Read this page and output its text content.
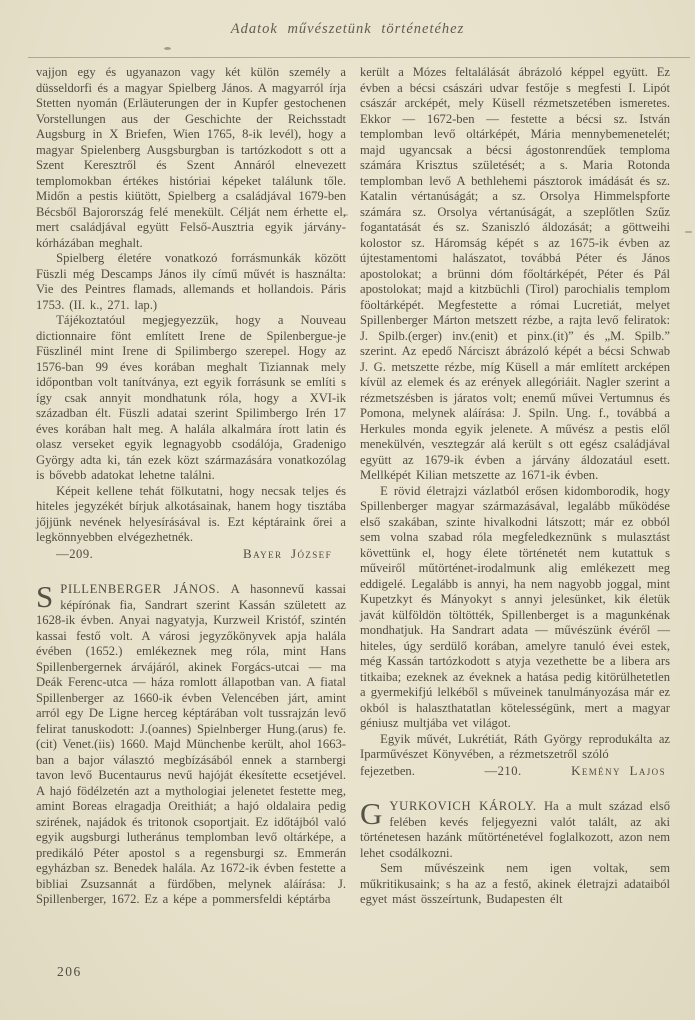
Adatok művészetünk történetéhez

vajjon egy és ugyanazon vagy két külön személy a düsseldorfi és a magyar Spielberg János. A magyarról írja Stetten nyomán (Erläuterungen der in Kupfer gestochenen Vorstellungen aus der Geschichte der Reichsstadt Augsburg in X Briefen, Wien 1765, 8-ik levél), hogy a magyar Spielenberg Ausgsburgban is tartózkodott s ott a Szent Keresztről és Szent Annáról elnevezett templomokban értékes históriai képeket találunk tőle. Midőn a pestis kiütött, Spielberg a családjával 1679-ben Bécsből Bajorország felé menekült. Célját nem érhette el, mert családjával együtt Felső-Ausztria egyik járvány-kórházában meghalt.

Spielberg életére vonatkozó forrásmunkák között Füszli még Descamps János ily című művét is használta: Vie des Peintres flamads, allemands et hollandois. Páris 1753. (II. k., 271. lap.)

Tájékoztatóul megjegyezzük, hogy a Nouveau dictionnaire fönt említett Irene de Spilenbergue-je Füszlinél mint Irene di Spilimbergo szerepel. Hogy az 1576-ban 99 éves korában meghalt Tiziannak mely időpontban volt tanítványa, ezt egyik forrásunk se említi s így csak annyit mondhatunk róla, hogy a XVI-ik században élt. Füszli adatai szerint Spilimbergo Irén 17 éves korában halt meg. A halála alkalmára írott latin és olasz verseket egyik legnagyobb csodálója, Gradenigo György adta ki, tán ezek közt származására vonatkozólag is bővebb adatokat lehetne találni.

Képeit kellene tehát fölkutatni, hogy necsak teljes és hiteles jegyzékét bírjuk alkotásainak, hanem hogy tisztába jőjjünk nevének helyesírásával is. Ezt képtáraink őrei a legkönnyebben elvégezhetnék.

—209.	Bayer József

S PILLENBERGER JÁNOS. A hasonnevű kassai képírónak fia, Sandrart szerint Kassán született az 1628-ik évben. Anyai nagyatyja, Kurzweil Kristóf, szintén kassai festő volt. A városi jegyzőkönyvek apja halála évében (1652.) emlékeznek meg róla, mint Hans Spillenbergernek árvájáról, akinek Forgács-utcai — ma Deák Ferenc-utca — háza romlott állapotban van. A fiatal Spillenberger az 1660-ik évben Velencében járt, amint arról egy De Ligne herceg képtárában volt tussrajzán levő felirat tanuskodott: J.(oannes) Spielnberger Hung.(arus) fe.(cit) Venet.(iis) 1660. Majd Münchenbe került, ahol 1663-ban a bajor választó megbízásából ennek a starnbergi tavon levő Bucentaurus nevű hajóját ékesítette ecsetjével. A hajó födélzetén azt a mythologiai jelenetet festette meg, amint Boreas elragadja Oreithiát; a hajó oldalaira pedig szirének, najádok és tritonok csoportjait. Ez időtájból való egyik augsburgi lutheránus templomban levő oltárképe, a predikáló Péter apostol s a regensburgi sz. Emmerán egyházban sz. Benedek halála. Az 1672-ik évben festette a bibliai Zsuzsannát a fürdőben, melynek aláírása: J. Spillenberger, 1672. Ez a képe a pommersfeldi képtárba

került a Mózes feltalálását ábrázoló képpel együtt. Ez évben a bécsi császári udvar festője s megfesti I. Lipót császár arcképét, mely Küsell rézmetszetében ismeretes. Ekkor — 1672-ben — festette a bécsi sz. István templomban levő oltárképét, Mária mennybemenetelét; majd ugyancsak a bécsi ágostonrendűek temploma számára Krisztus születését; a s. Maria Rotonda templomban levő A bethlehemi pásztorok imádását és sz. Katalin vértanúságát; a sz. Orsolya Himmelspforte számára sz. Orsolya vértanúságát, a szeplőtlen Szűz fogantatását és sz. Szaniszló áldozását; a göttweihi kolostor sz. Háromság képét s az 1675-ik évben az újtestamentomi halászatot, továbbá Péter és János apostolokat; a brünni dóm főoltárképét, Péter és Pál apostolokat; majd a kitzbüchli (Tirol) parochialis templom föoltárképét. Megfestette a római Lucretiát, melyet Spillenberger Márton metszett rézbe, a rajta levő feliratok: J. Spilb.(erger) inv.(enit) et pinx.(it)” és „M. Spilb.” szerint. Az epedő Nárciszt ábrázoló képét a bécsi Schwab J. G. metszette rézbe, míg Küsell a már említett arcképen kívül az elemek és az erények allegóriáit. Nagler szerint a rézmetszésben is járatos volt; enemű művei Vertumnus és Pomona, melynek aláírása: J. Spiln. Ung. f., továbbá a Herkules monda egyik jelenete. A művész a pestis elől menekülvén, vesztegzár alá került s ott egész családjával együtt az 1679-ik évben a járvány áldozatául esett. Mellképét Kilian metszette az 1671-ik évben.

E rövid életrajzi vázlatból erősen kidomborodik, hogy Spillenberger magyar származásával, legalább működése első szakában, szinte hivalkodni látszott; már ez obból sem volna szabad róla megfeledkeznünk s mulasztást követtünk el, hogy élete történetét nem kutattuk s műveiről műtörténet-irodalmunk alig emlékezett meg eddigelé. Legalább is annyi, ha nem nagyobb joggal, mint Kupetzkyt és Mányokyt s annyi jelesünket, kik életük javát külföldön töltötték, Spillenberget is a magunkénak mondhatjuk. Ha Sandrart adata — művészünk évéről — hiteles, úgy serdülő korában, amelyre tanuló évei estek, még Kassán tartózkodott s atyja vezethette be a libera ars titkaiba; ezeknek az éveknek a hatása pedig kitörülhetetlen a gyermekifjú lelkéből s műveinek tanulmányozása már ez okból is halaszthatatlan kötelességünk, mert a magyar géniusz multjába vet világot.

Egyik művét, Lukrétiát, Ráth György reprodukálta az Iparművészet Könyvében, a rézmetszetről szóló

fejezetben.	—210.	Kemény Lajos

G YURKOVICH KÁROLY. Ha a mult század első felében kevés feljegyezni valót talált, az aki történetesen hazánk műtörténetével foglalkozott, azon nem lehet csodálkozni.

Sem művészeink nem igen voltak, sem műkritikusaink; s ha az a festő, akinek életrajzi adataiból egyet mást összeírtunk, Budapesten élt

206
